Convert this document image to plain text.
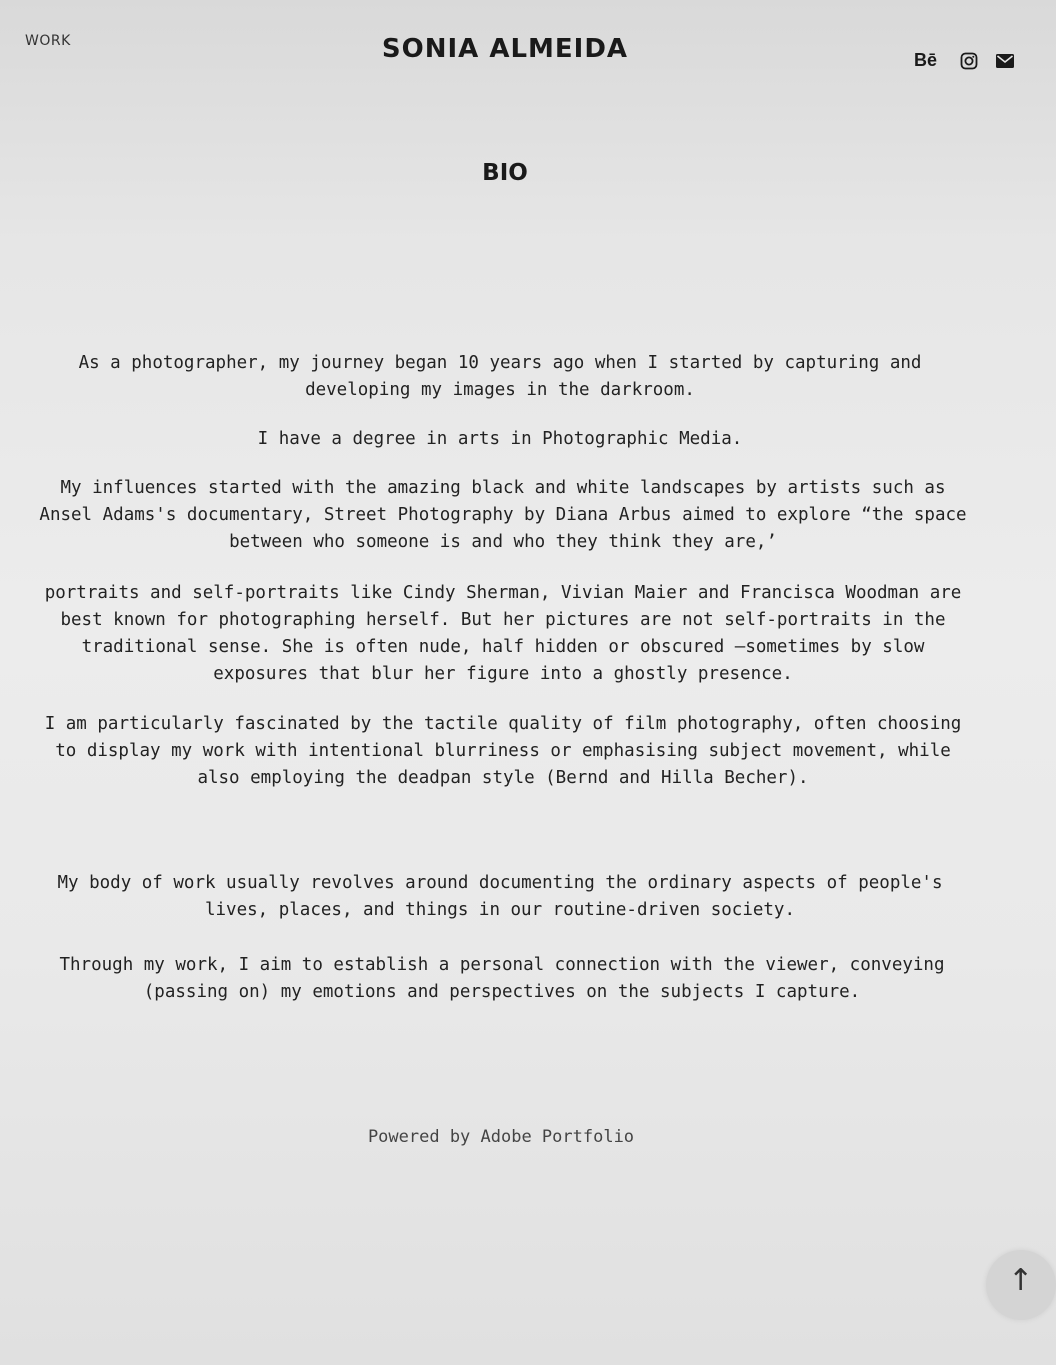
WORK	SONIA ALMEIDA	Bē
BIO

As a photographer, my journey began 10 years ago when I started by capturing and developing my images in the darkroom.

I have a degree in arts in Photographic Media.

My influences started with the amazing black and white landscapes by artists such as Ansel Adams's documentary, Street Photography by Diana Arbus aimed to explore “the space between who someone is and who they think they are,’

portraits and self-portraits like Cindy Sherman, Vivian Maier and Francisca Woodman are best known for photographing herself. But her pictures are not self-portraits in the traditional sense. She is often nude, half hidden or obscured –sometimes by slow exposures that blur her figure into a ghostly presence.

I am particularly fascinated by the tactile quality of film photography, often choosing to display my work with intentional blurriness or emphasising subject movement, while also employing the deadpan style (Bernd and Hilla Becher).

My body of work usually revolves around documenting the ordinary aspects of people's lives, places, and things in our routine-driven society.

Through my work, I aim to establish a personal connection with the viewer, conveying (passing on) my emotions and perspectives on the subjects I capture.

Powered by Adobe Portfolio

↑
